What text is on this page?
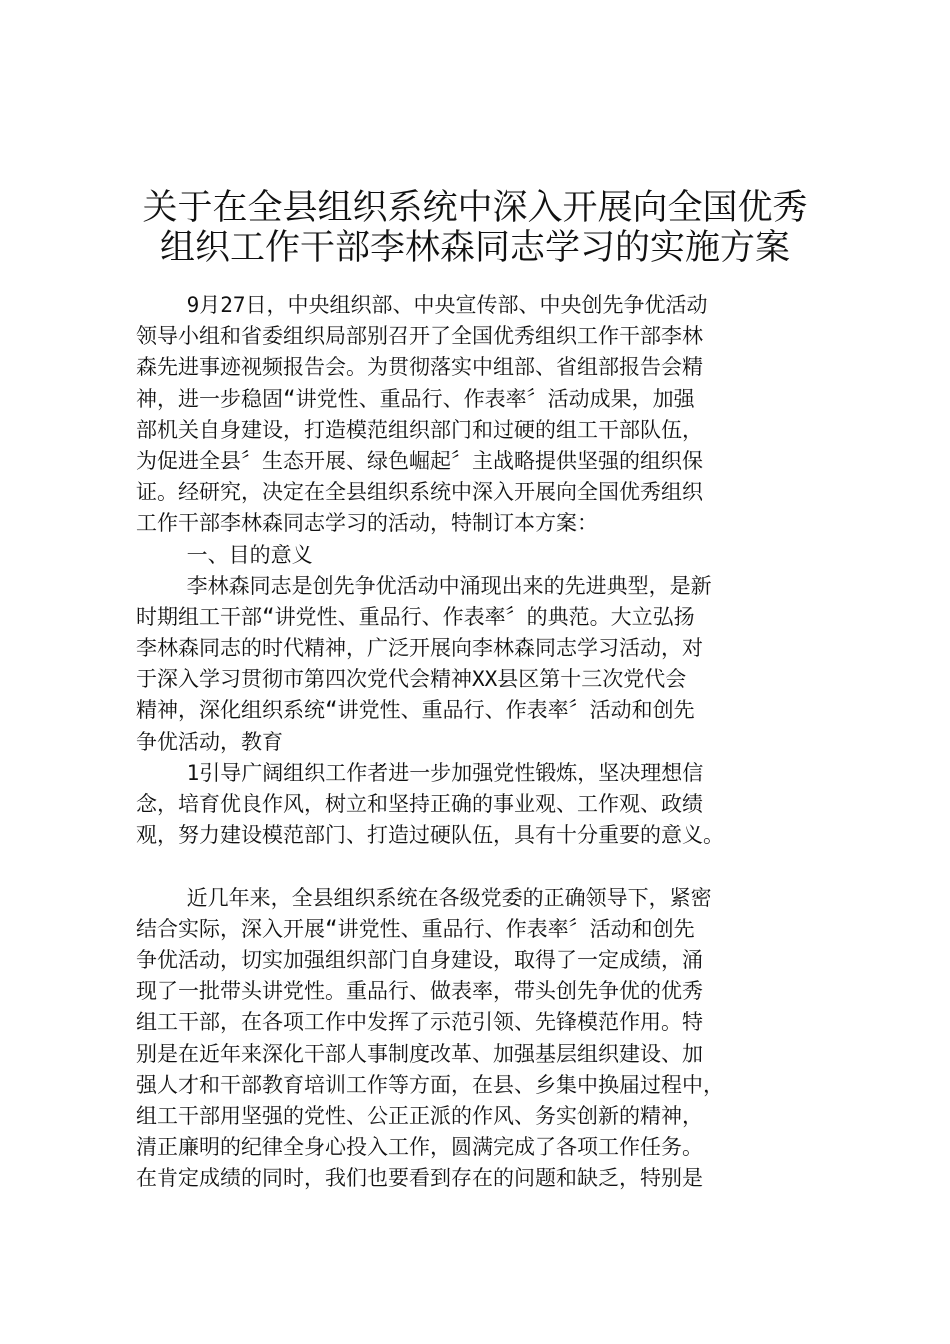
关于在全县组织系统中深入开展向全国优秀
组织工作干部李林森同志学习的实施方案
9月27日，中央组织部、中央宣传部、中央创先争优活动
领导小组和省委组织局部别召开了全国优秀组织工作干部李林
森先进事迹视频报告会。为贯彻落实中组部、省组部报告会精
神，进一步稳固“讲党性、重品行、作表率〞活动成果，加强
部机关自身建设，打造模范组织部门和过硬的组工干部队伍，
为促进全县〞生态开展、绿色崛起〞主战略提供坚强的组织保
证。经研究，决定在全县组织系统中深入开展向全国优秀组织
工作干部李林森同志学习的活动，特制订本方案：
一、目的意义
李林森同志是创先争优活动中涌现出来的先进典型，是新
时期组工干部“讲党性、重品行、作表率〞的典范。大立弘扬
李林森同志的时代精神，广泛开展向李林森同志学习活动，对
于深入学习贯彻市第四次党代会精神XX县区第十三次党代会
精神，深化组织系统“讲党性、重品行、作表率〞活动和创先
争优活动，教育
1引导广阔组织工作者进一步加强党性锻炼，坚决理想信
念，培育优良作风，树立和坚持正确的事业观、工作观、政绩
观，努力建设模范部门、打造过硬队伍，具有十分重要的意义。
近几年来，全县组织系统在各级党委的正确领导下，紧密
结合实际，深入开展“讲党性、重品行、作表率〞活动和创先
争优活动，切实加强组织部门自身建设，取得了一定成绩，涌
现了一批带头讲党性。重品行、做表率，带头创先争优的优秀
组工干部，在各项工作中发挥了示范引领、先锋模范作用。特
别是在近年来深化干部人事制度改革、加强基层组织建设、加
强人才和干部教育培训工作等方面，在县、乡集中换届过程中，
组工干部用坚强的党性、公正正派的作风、务实创新的精神，
清正廉明的纪律全身心投入工作，圆满完成了各项工作任务。
在肯定成绩的同时，我们也要看到存在的问题和缺乏，特别是
